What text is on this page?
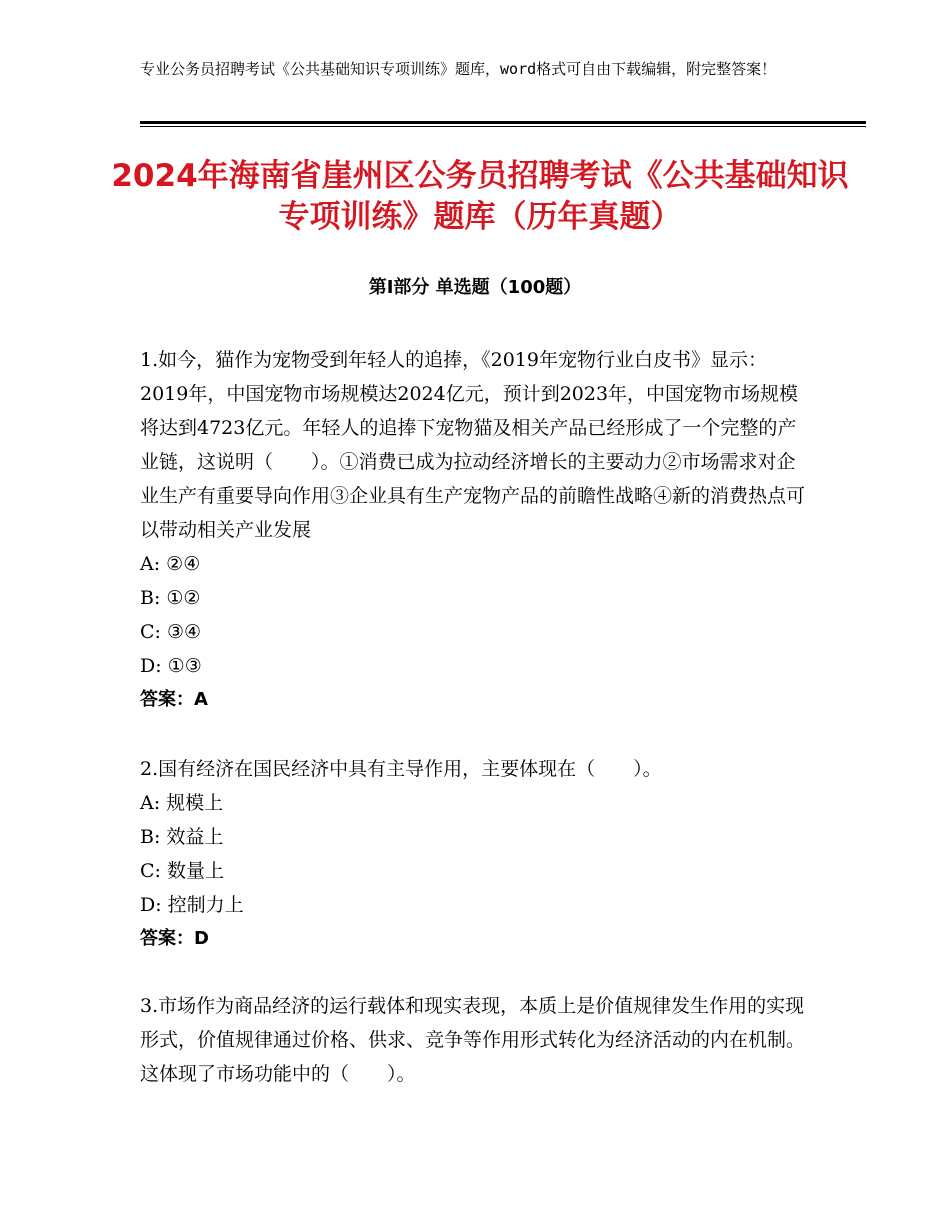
专业公务员招聘考试《公共基础知识专项训练》题库，word格式可自由下载编辑，附完整答案！
2024年海南省崖州区公务员招聘考试《公共基础知识专项训练》题库（历年真题）
第Ⅰ部分 单选题（100题）

1.如今，猫作为宠物受到年轻人的追捧，《2019年宠物行业白皮书》显示：2019年，中国宠物市场规模达2024亿元，预计到2023年，中国宠物市场规模将达到4723亿元。年轻人的追捧下宠物猫及相关产品已经形成了一个完整的产业链，这说明（　　）。①消费已成为拉动经济增长的主要动力②市场需求对企业生产有重要导向作用③企业具有生产宠物产品的前瞻性战略④新的消费热点可以带动相关产业发展

A: ②④

B: ①②

C: ③④

D: ①③

答案：A

2.国有经济在国民经济中具有主导作用，主要体现在（　　）。

A: 规模上

B: 效益上

C: 数量上

D: 控制力上

答案：D

3.市场作为商品经济的运行载体和现实表现，本质上是价值规律发生作用的实现形式，价值规律通过价格、供求、竞争等作用形式转化为经济活动的内在机制。这体现了市场功能中的（　　）。
